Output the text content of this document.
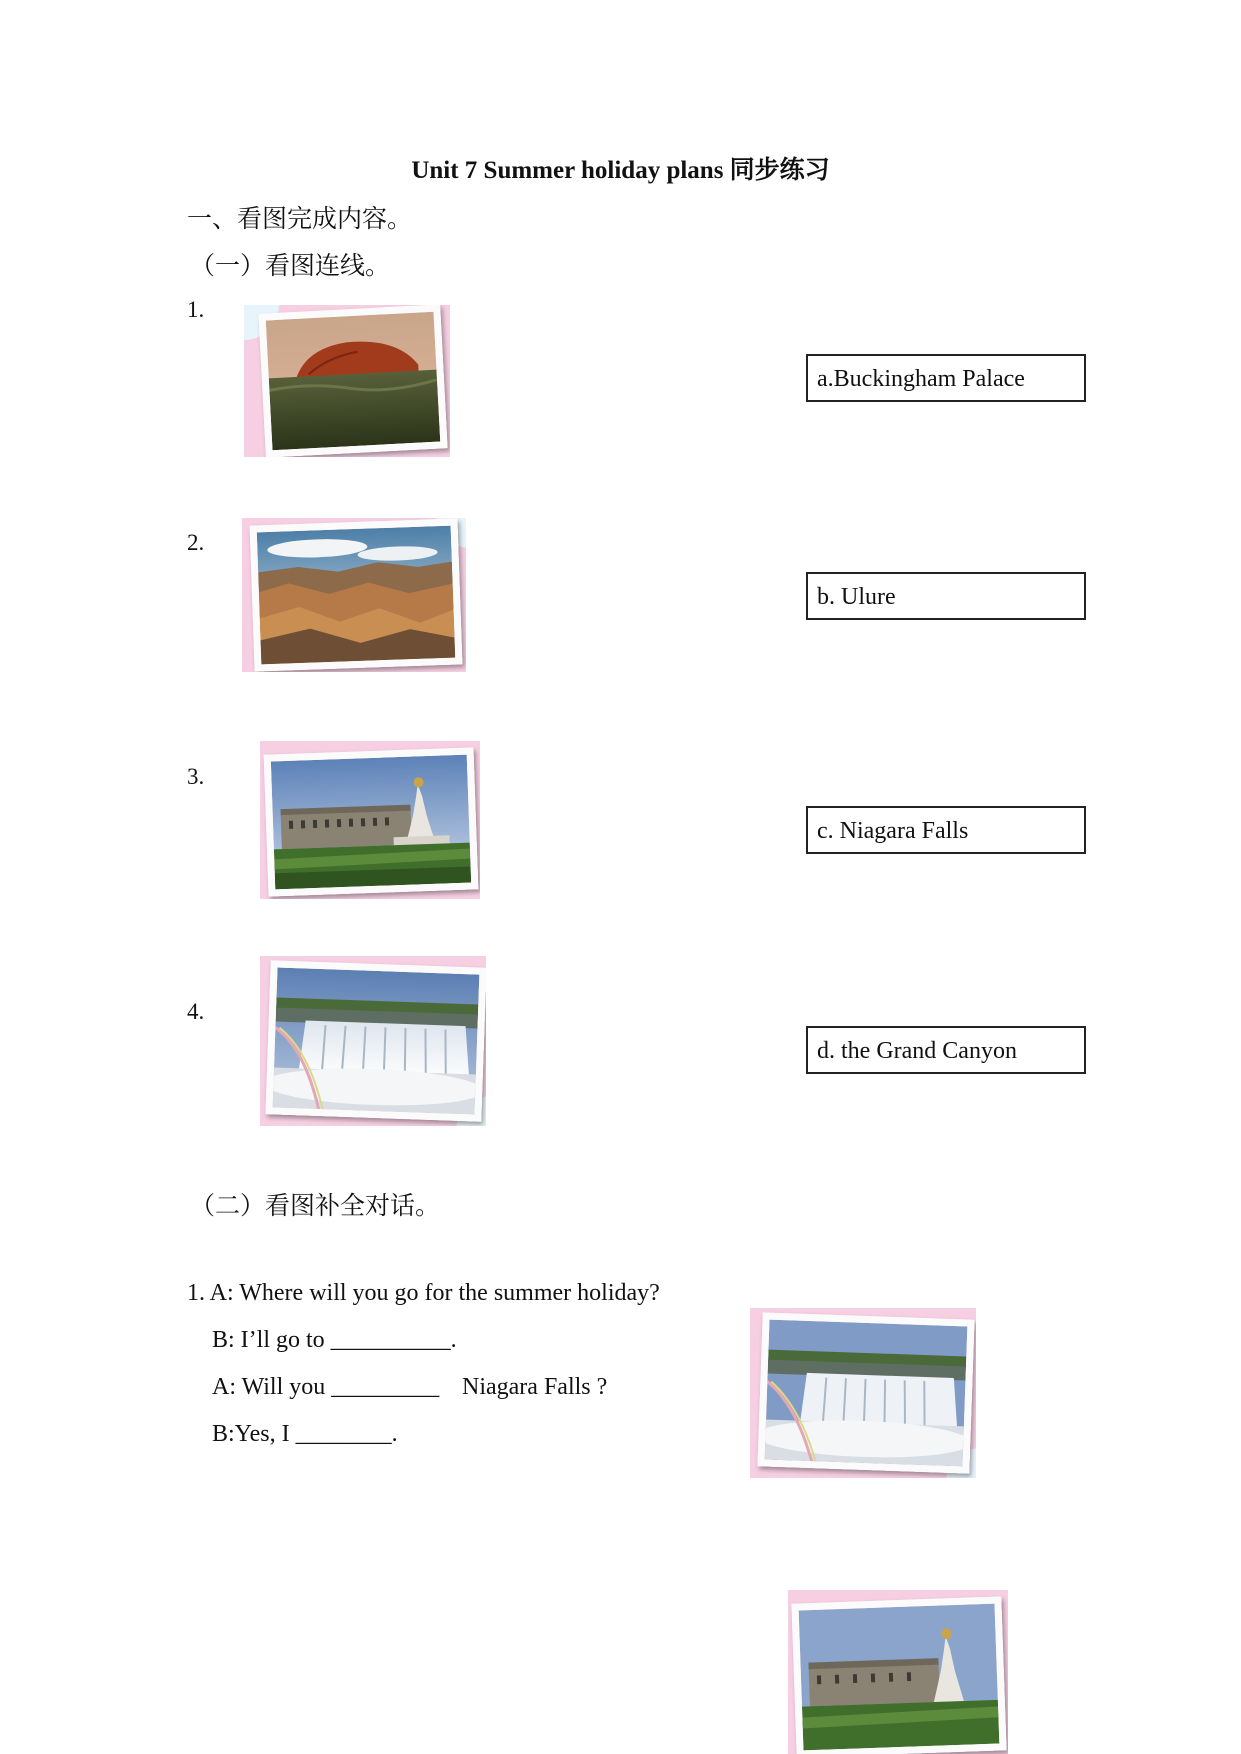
Unit 7 Summer holiday plans 同步练习
一、看图完成内容。
（一）看图连线。
1.
2.
3.
4.
a.Buckingham Palace
b. Ulure
c. Niagara Falls
d. the Grand Canyon
（二）看图补全对话。
1. A: Where will you go for the summer holiday?
B: I’ll go to __________.
A: Will you _________ Niagara Falls ?
B:Yes, I ________.
